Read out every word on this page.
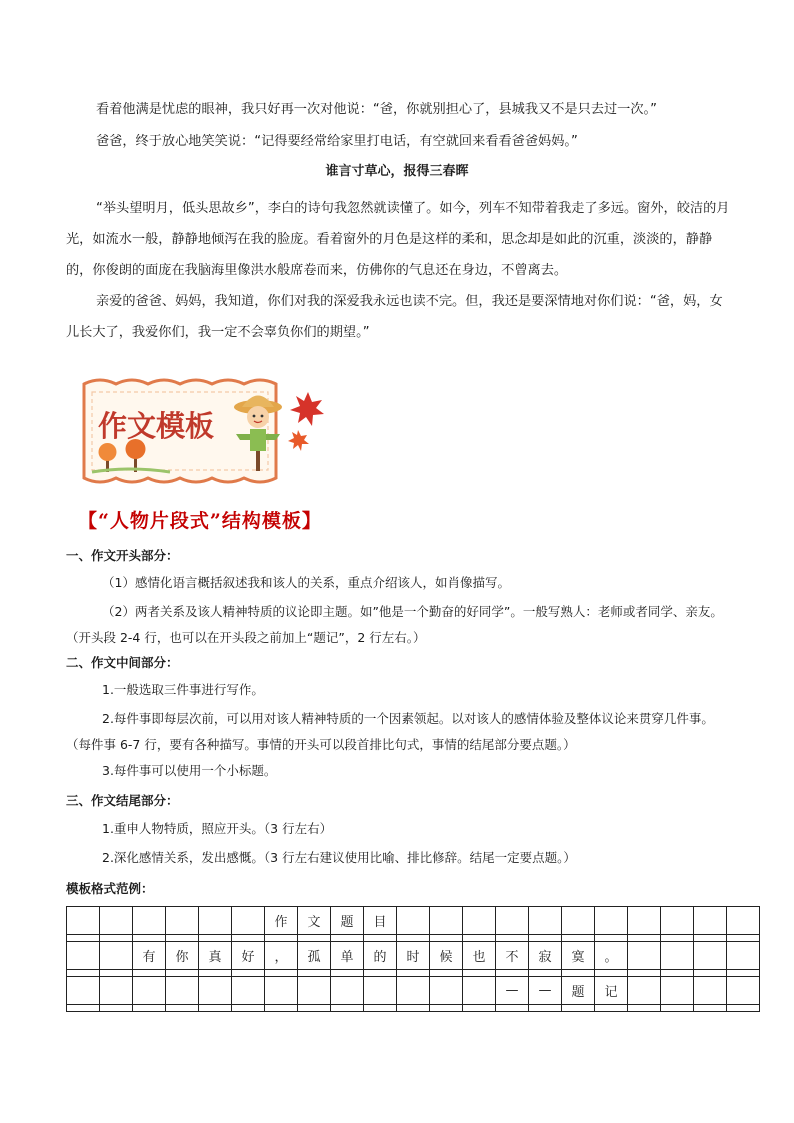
看着他满是忧虑的眼神，我只好再一次对他说：“爸，你就别担心了，县城我又不是只去过一次。”

爸爸，终于放心地笑笑说：“记得要经常给家里打电话，有空就回来看看爸爸妈妈。”

谁言寸草心，报得三春晖

“举头望明月，低头思故乡”，李白的诗句我忽然就读懂了。如今，列车不知带着我走了多远。窗外，皎洁的月光，如流水一般，静静地倾泻在我的脸庞。看着窗外的月色是这样的柔和，思念却是如此的沉重，淡淡的，静静的，你俊朗的面庞在我脑海里像洪水般席卷而来，仿佛你的气息还在身边，不曾离去。

亲爱的爸爸、妈妈，我知道，你们对我的深爱我永远也读不完。但，我还是要深情地对你们说：“爸，妈，女儿长大了，我爱你们，我一定不会辜负你们的期望。”

作文模板
【“人物片段式”结构模板】

一、作文开头部分：

（1）感情化语言概括叙述我和该人的关系，重点介绍该人，如肖像描写。

（2）两者关系及该人精神特质的议论即主题。如”他是一个勤奋的好同学”。一般写熟人：老师或者同学、亲友。（开头段 2-4 行，也可以在开头段之前加上“题记”，2 行左右。）

二、作文中间部分：

1.一般选取三件事进行写作。

2.每件事即每层次前，可以用对该人精神特质的一个因素领起。以对该人的感情体验及整体议论来贯穿几件事。（每件事 6-7 行，要有各种描写。事情的开头可以段首排比句式，事情的结尾部分要点题。）

3.每件事可以使用一个小标题。

三、作文结尾部分：

1.重申人物特质，照应开头。（3 行左右）

2.深化感情关系，发出感慨。（3 行左右建议使用比喻、排比修辞。结尾一定要点题。）

模板格式范例：

						作	文	题	目											

		有	你	真	好	，	孤	单	的	时	候	也	不	寂	寞	。				

													—	—	题	记				
